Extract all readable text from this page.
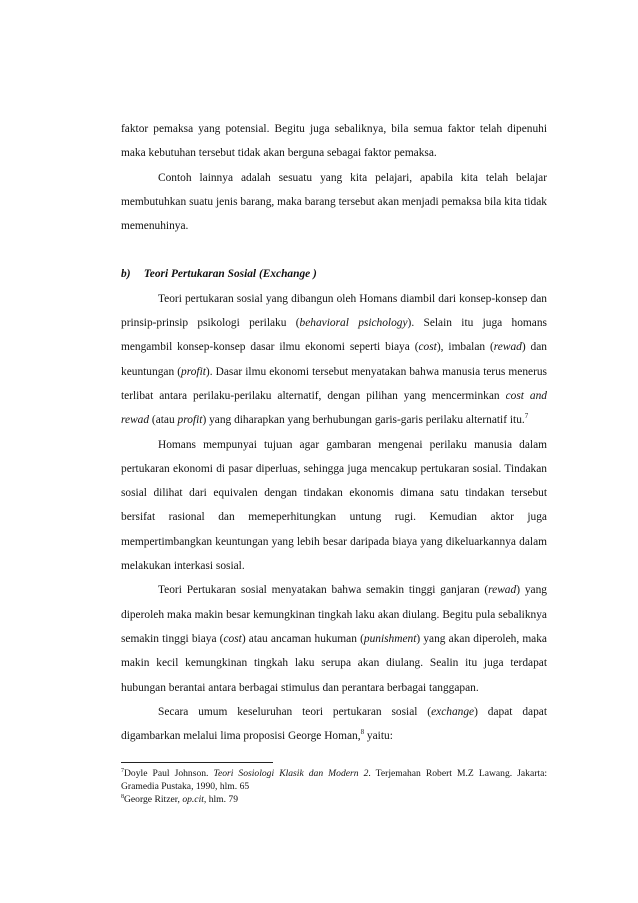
faktor pemaksa yang potensial. Begitu juga sebaliknya, bila semua faktor telah dipenuhi maka kebutuhan tersebut tidak akan berguna sebagai faktor pemaksa.

Contoh lainnya adalah sesuatu yang kita pelajari, apabila kita telah belajar membutuhkan suatu jenis barang, maka barang tersebut akan menjadi pemaksa bila kita tidak memenuhinya.

b) Teori Pertukaran Sosial (Exchange )

Teori pertukaran sosial yang dibangun oleh Homans diambil dari konsep-konsep dan prinsip-prinsip psikologi perilaku (behavioral psichology). Selain itu juga homans mengambil konsep-konsep dasar ilmu ekonomi seperti biaya (cost), imbalan (rewad) dan keuntungan (profit). Dasar ilmu ekonomi tersebut menyatakan bahwa manusia terus menerus terlibat antara perilaku-perilaku alternatif, dengan pilihan yang mencerminkan cost and rewad (atau profit) yang diharapkan yang berhubungan garis-garis perilaku alternatif itu.$^7$

Homans mempunyai tujuan agar gambaran mengenai perilaku manusia dalam pertukaran ekonomi di pasar diperluas, sehingga juga mencakup pertukaran sosial. Tindakan sosial dilihat dari equivalen dengan tindakan ekonomis dimana satu tindakan tersebut bersifat rasional dan memeperhitungkan untung rugi. Kemudian aktor juga mempertimbangkan keuntungan yang lebih besar daripada biaya yang dikeluarkannya dalam melakukan interkasi sosial.

Teori Pertukaran sosial menyatakan bahwa semakin tinggi ganjaran (rewad) yang diperoleh maka makin besar kemungkinan tingkah laku akan diulang. Begitu pula sebaliknya semakin tinggi biaya (cost) atau ancaman hukuman (punishment) yang akan diperoleh, maka makin kecil kemungkinan tingkah laku serupa akan diulang. Sealin itu juga terdapat hubungan berantai antara berbagai stimulus dan perantara berbagai tanggapan.

Secara umum keseluruhan teori pertukaran sosial (exchange) dapat dapat digambarkan melalui lima proposisi George Homan,$^8$ yaitu:

$^7$Doyle Paul Johnson. Teori Sosiologi Klasik dan Modern 2. Terjemahan Robert M.Z Lawang. Jakarta: Gramedia Pustaka, 1990, hlm. 65

$^8$George Ritzer, op.cit, hlm. 79
